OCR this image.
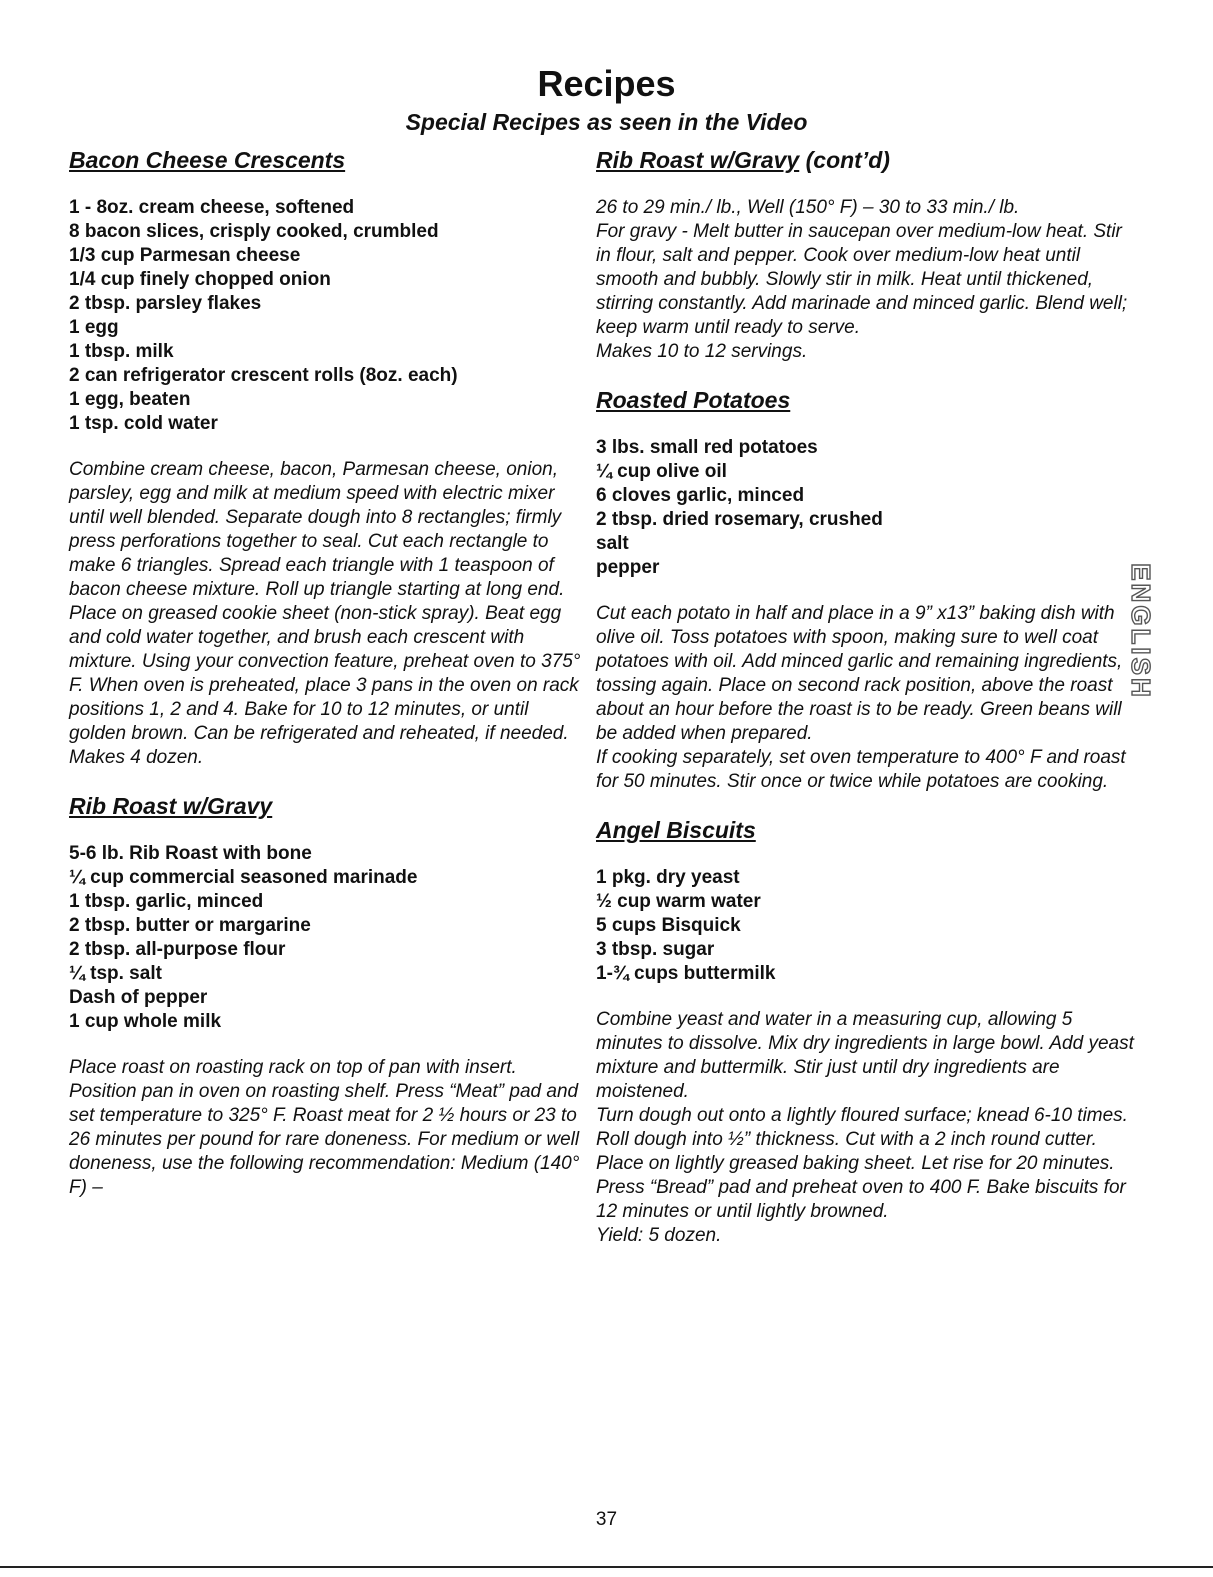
Recipes
Special Recipes as seen in the Video
Bacon Cheese Crescents
1 - 8oz. cream cheese, softened
8 bacon slices, crisply cooked, crumbled
1/3 cup Parmesan cheese
1/4 cup finely chopped onion
2 tbsp. parsley flakes
1 egg
1 tbsp. milk
2 can refrigerator crescent rolls (8oz. each)
1 egg, beaten
1 tsp. cold water

Combine cream cheese, bacon, Parmesan cheese, onion, parsley, egg and milk at medium speed with electric mixer until well blended. Separate dough into 8 rectangles; firmly press perforations together to seal. Cut each rectangle to make 6 triangles. Spread each triangle with 1 teaspoon of bacon cheese mixture. Roll up triangle starting at long end. Place on greased cookie sheet (non-stick spray). Beat egg and cold water together, and brush each crescent with mixture. Using your convection feature, preheat oven to 375° F. When oven is preheated, place 3 pans in the oven on rack positions 1, 2 and 4. Bake for 10 to 12 minutes, or until golden brown. Can be refrigerated and reheated, if needed. Makes 4 dozen.

Rib Roast w/Gravy
5-6 lb. Rib Roast with bone
¼ cup commercial seasoned marinade
1 tbsp. garlic, minced
2 tbsp. butter or margarine
2 tbsp. all-purpose flour
¼ tsp. salt
Dash of pepper
1 cup whole milk

Place roast on roasting rack on top of pan with insert. Position pan in oven on roasting shelf. Press “Meat” pad and set temperature to 325° F. Roast meat for 2 ½ hours or 23 to 26 minutes per pound for rare doneness. For medium or well doneness, use the following recommendation: Medium (140° F) –

Rib Roast w/Gravy (cont’d)

26 to 29 min./ lb., Well (150° F) – 30 to 33 min./ lb.

For gravy - Melt butter in saucepan over medium-low heat. Stir in flour, salt and pepper. Cook over medium-low heat until smooth and bubbly. Slowly stir in milk. Heat until thickened, stirring constantly. Add marinade and minced garlic. Blend well; keep warm until ready to serve.

Makes 10 to 12 servings.

Roasted Potatoes
3 lbs. small red potatoes
¼ cup olive oil
6 cloves garlic, minced
2 tbsp. dried rosemary, crushed
salt
pepper

Cut each potato in half and place in a 9” x13” baking dish with olive oil. Toss potatoes with spoon, making sure to well coat potatoes with oil. Add minced garlic and remaining ingredients, tossing again. Place on second rack position, above the roast about an hour before the roast is to be ready. Green beans will be added when prepared.

If cooking separately, set oven temperature to 400° F and roast for 50 minutes. Stir once or twice while potatoes are cooking.

Angel Biscuits
1 pkg. dry yeast
½ cup warm water
5 cups Bisquick
3 tbsp. sugar
1-¾ cups buttermilk

Combine yeast and water in a measuring cup, allowing 5 minutes to dissolve. Mix dry ingredients in large bowl. Add yeast mixture and buttermilk. Stir just until dry ingredients are moistened.

Turn dough out onto a lightly floured surface; knead 6-10 times. Roll dough into ½” thickness. Cut with a 2 inch round cutter. Place on lightly greased baking sheet. Let rise for 20 minutes. Press “Bread” pad and preheat oven to 400 F. Bake biscuits for 12 minutes or until lightly browned.

Yield: 5 dozen.

ENGLISH
37
